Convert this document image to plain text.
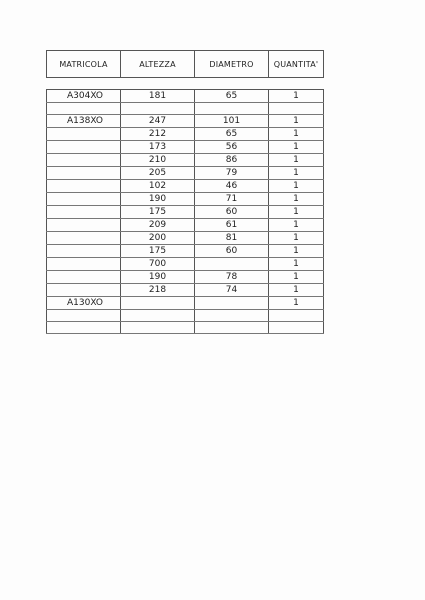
MATRICOLA	ALTEZZA	DIAMETRO	QUANTITA'

A304XO	181	65	1

A138XO	247	101	1
	212	65	1
	173	56	1
	210	86	1
	205	79	1
	102	46	1
	190	71	1
	175	60	1
	209	61	1
	200	81	1
	175	60	1
	700		1
	190	78	1
	218	74	1
A130XO			1
